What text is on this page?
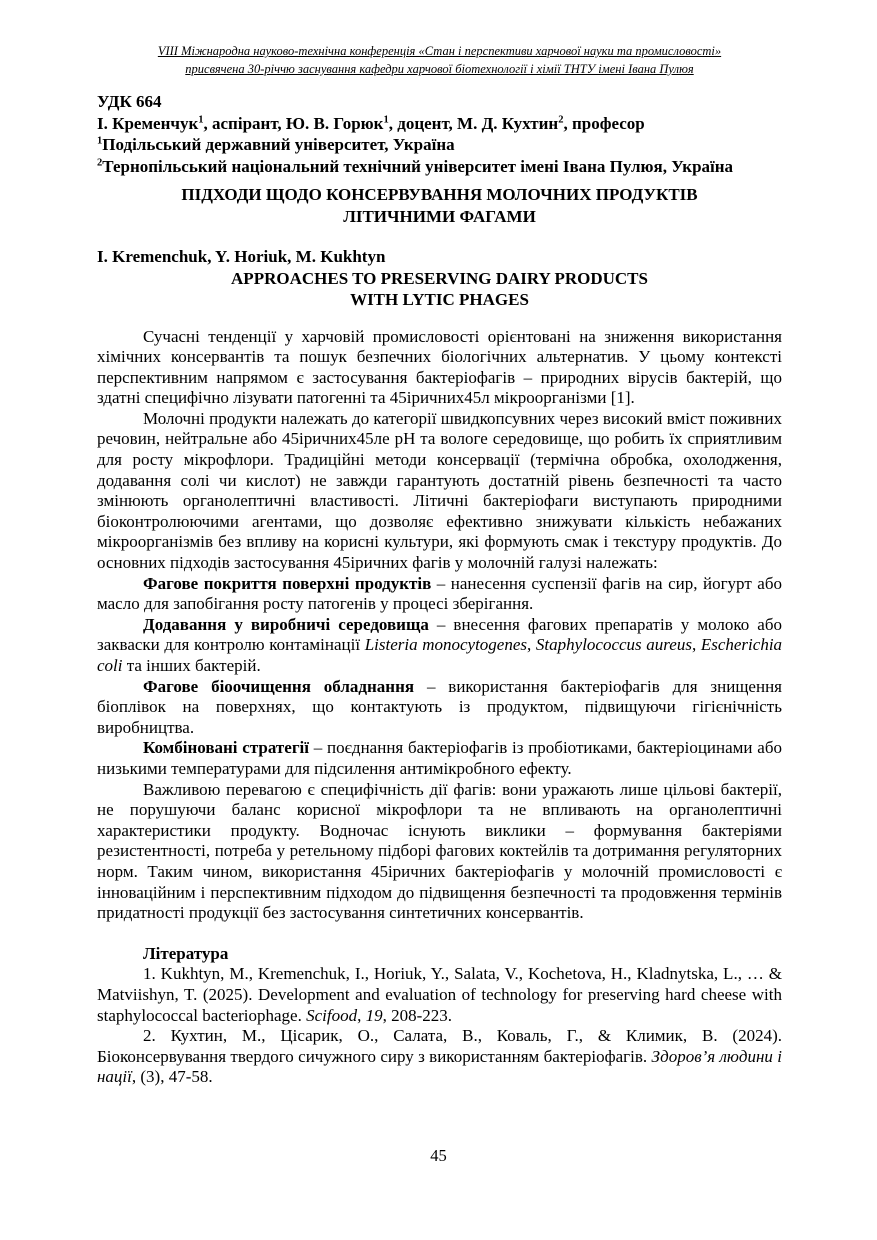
VIII Міжнародна науково-технічна конференція «Стан і перспективи харчової науки та промисловості»
присвячена 30-річчю заснування кафедри харчової біотехнології і хімії ТНТУ імені Івана Пулюя
УДК 664
І. Кременчук$^1$, аспірант, Ю. В. Горюк$^1$, доцент, М. Д. Кухтин$^2$, професор
$^1$Подільський державний університет, Україна
$^2$Тернопільський національний технічний університет імені Івана Пулюя, Україна
ПІДХОДИ ЩОДО КОНСЕРВУВАННЯ МОЛОЧНИХ ПРОДУКТІВ
ЛІТИЧНИМИ ФАГАМИ
I. Kremenchuk, Y. Horiuk, M. Kukhtyn
APPROACHES TO PRESERVING DAIRY PRODUCTS
WITH LYTIC PHAGES

Сучасні тенденції у харчовій промисловості орієнтовані на зниження використання хімічних консервантів та пошук безпечних біологічних альтернатив. У цьому контексті перспективним напрямом є застосування бактеріофагів – природних вірусів бактерій, що здатні специфічно лізувати патогенні та 45іричних45л мікроорганізми [1].

Молочні продукти належать до категорії швидкопсувних через високий вміст поживних речовин, нейтральне або 45іричних45ле рН та вологе середовище, що робить їх сприятливим для росту мікрофлори. Традиційні методи консервації (термічна обробка, охолодження, додавання солі чи кислот) не завжди гарантують достатній рівень безпечності та часто змінюють органолептичні властивості. Літичні бактеріофаги виступають природними біоконтролюючими агентами, що дозволяє ефективно знижувати кількість небажаних мікроорганізмів без впливу на корисні культури, які формують смак і текстуру продуктів. До основних підходів застосування 45іричних фагів у молочній галузі належать:

Фагове покриття поверхні продуктів – нанесення суспензії фагів на сир, йогурт або масло для запобігання росту патогенів у процесі зберігання.

Додавання у виробничі середовища – внесення фагових препаратів у молоко або закваски для контролю контамінації Listeria monocytogenes, Staphylococcus aureus, Escherichia coli та інших бактерій.

Фагове біоочищення обладнання – використання бактеріофагів для знищення біоплівок на поверхнях, що контактують із продуктом, підвищуючи гігієнічність виробництва.

Комбіновані стратегії – поєднання бактеріофагів із пробіотиками, бактеріоцинами або низькими температурами для підсилення антимікробного ефекту.

Важливою перевагою є специфічність дії фагів: вони уражають лише цільові бактерії, не порушуючи баланс корисної мікрофлори та не впливають на органолептичні характеристики продукту. Водночас існують виклики – формування бактеріями резистентності, потреба у ретельному підборі фагових коктейлів та дотримання регуляторних норм. Таким чином, використання 45іричних бактеріофагів у молочній промисловості є інноваційним і перспективним підходом до підвищення безпечності та продовження термінів придатності продукції без застосування синтетичних консервантів.

Література

1. Kukhtyn, M., Kremenchuk, I., Horiuk, Y., Salata, V., Kochetova, H., Kladnytska, L., … & Matviishyn, T. (2025). Development and evaluation of technology for preserving hard cheese with staphylococcal bacteriophage. Scifood, 19, 208-223.

2. Кухтин, М., Цісарик, О., Салата, В., Коваль, Г., & Климик, В. (2024). Біоконсервування твердого сичужного сиру з використанням бактеріофагів. Здоров’я людини і нації, (3), 47-58.

45
